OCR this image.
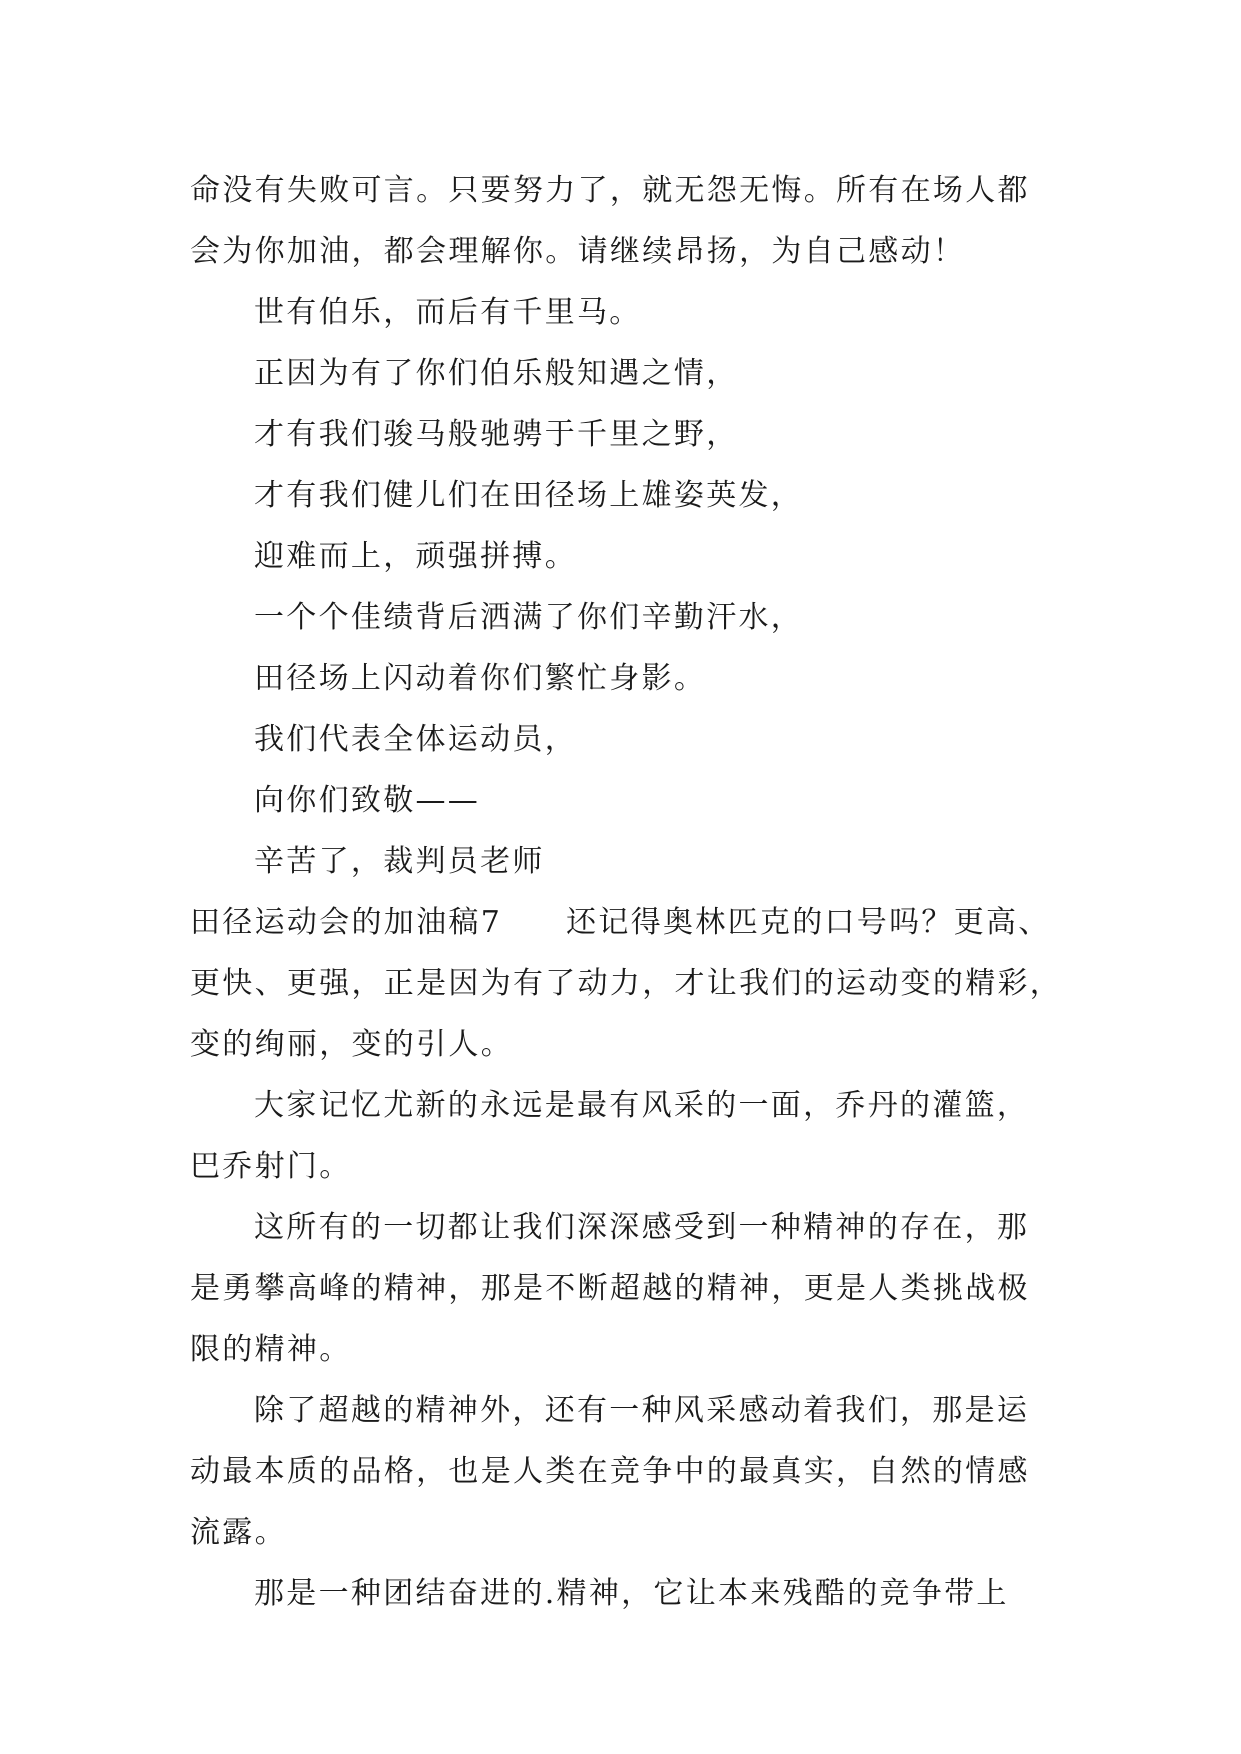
命没有失败可言。只要努力了，就无怨无悔。所有在场人都
会为你加油，都会理解你。请继续昂扬，为自己感动！
世有伯乐，而后有千里马。
正因为有了你们伯乐般知遇之情，
才有我们骏马般驰骋于千里之野，
才有我们健儿们在田径场上雄姿英发，
迎难而上，顽强拼搏。
一个个佳绩背后洒满了你们辛勤汗水，
田径场上闪动着你们繁忙身影。
我们代表全体运动员，
向你们致敬——
辛苦了，裁判员老师
田径运动会的加油稿7 还记得奥林匹克的口号吗？更高、
更快、更强，正是因为有了动力，才让我们的运动变的精彩，
变的绚丽，变的引人。
大家记忆尤新的永远是最有风采的一面，乔丹的灌篮，
巴乔射门。
这所有的一切都让我们深深感受到一种精神的存在，那
是勇攀高峰的精神，那是不断超越的精神，更是人类挑战极
限的精神。
除了超越的精神外，还有一种风采感动着我们，那是运
动最本质的品格，也是人类在竞争中的最真实，自然的情感
流露。
那是一种团结奋进的.精神，它让本来残酷的竞争带上
